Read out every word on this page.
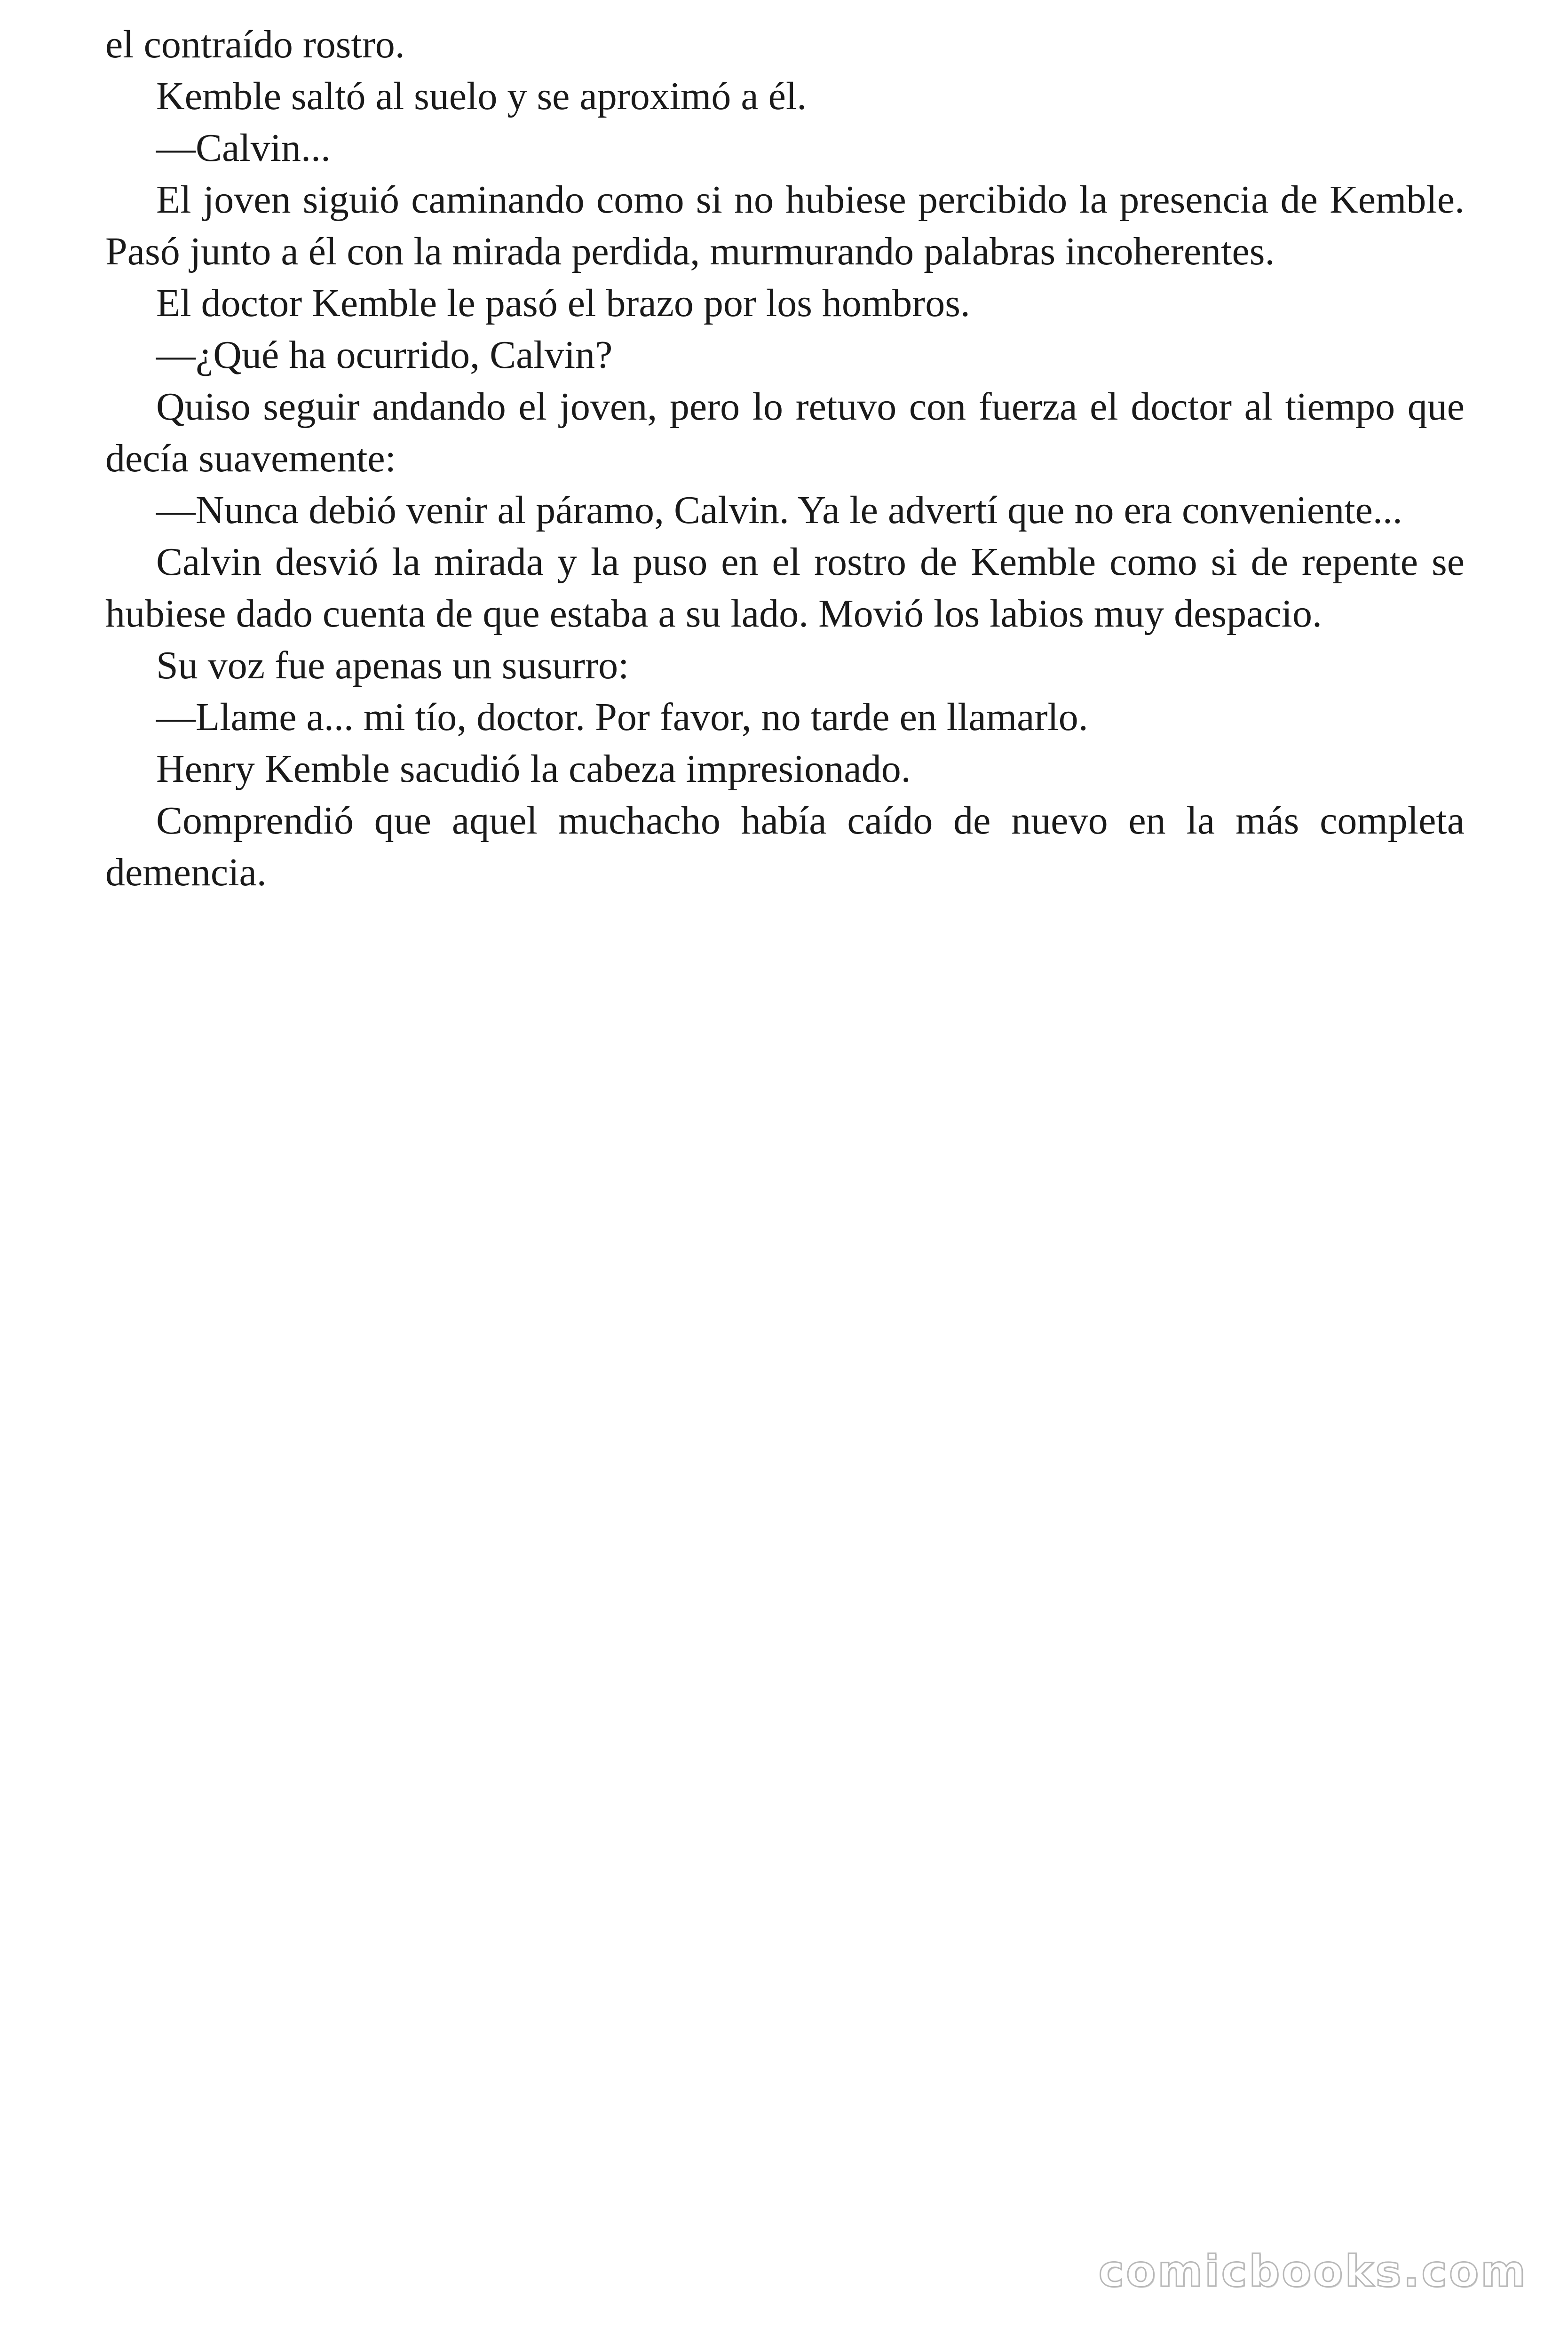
el contraído rostro.

Kemble saltó al suelo y se aproximó a él.

—Calvin...

El joven siguió caminando como si no hubiese percibido la presencia de Kemble. Pasó junto a él con la mirada perdida, murmurando palabras incoherentes.

El doctor Kemble le pasó el brazo por los hombros.

—¿Qué ha ocurrido, Calvin?

Quiso seguir andando el joven, pero lo retuvo con fuerza el doctor al tiempo que decía suavemente:

—Nunca debió venir al páramo, Calvin. Ya le advertí que no era conveniente...

Calvin desvió la mirada y la puso en el rostro de Kemble como si de repente se hubiese dado cuenta de que estaba a su lado. Movió los labios muy despacio.

Su voz fue apenas un susurro:

—Llame a... mi tío, doctor. Por favor, no tarde en llamarlo.

Henry Kemble sacudió la cabeza impresionado.

Comprendió que aquel muchacho había caído de nuevo en la más completa demencia.

comicbooks.com
